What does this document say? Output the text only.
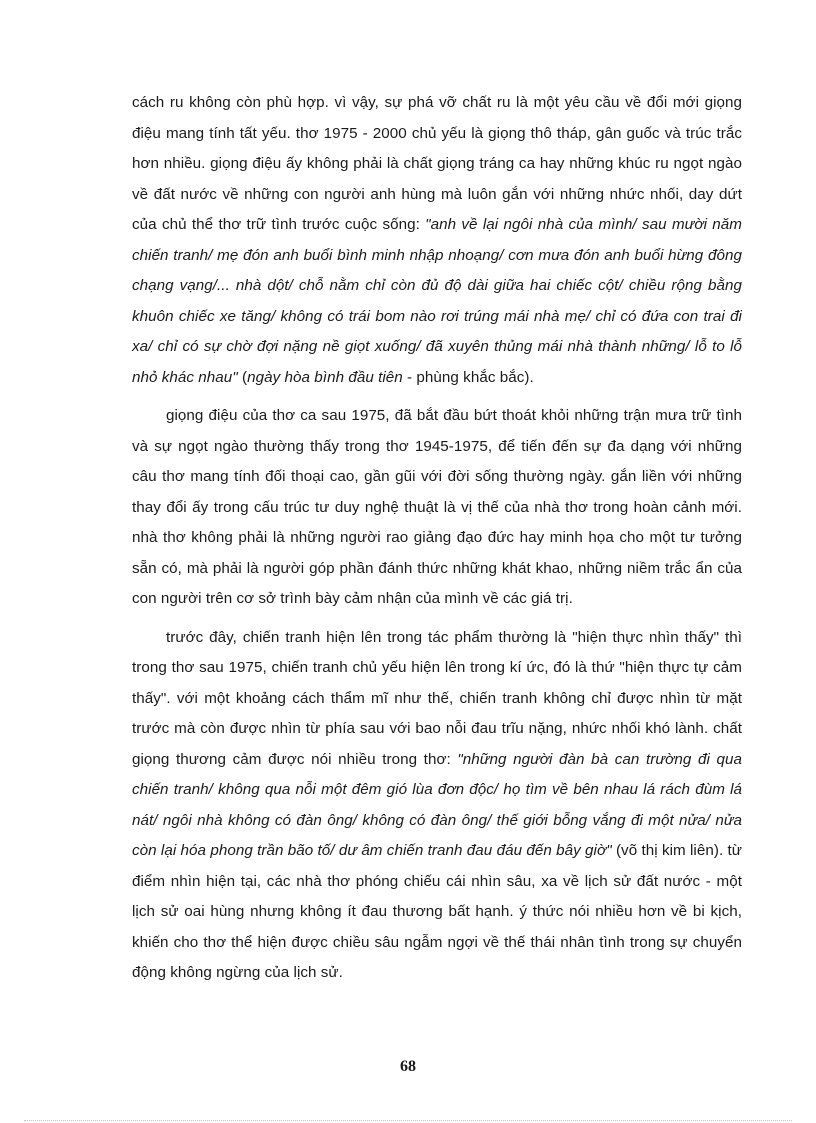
cách ru không còn phù hợp. vì vậy, sự phá vỡ chất ru là một yêu cầu về đổi mới giọng điệu mang tính tất yếu. thơ 1975 - 2000 chủ yếu là giọng thô tháp, gân guốc và trúc trắc hơn nhiều. giọng điệu ấy không phải là chất giọng tráng ca hay những khúc ru ngọt ngào về đất nước về những con người anh hùng mà luôn gắn với những nhức nhối, day dứt của chủ thể thơ trữ tình trước cuộc sống: "anh về lại ngôi nhà của mình/ sau mười năm chiến tranh/ mẹ đón anh buổi bình minh nhập nhoạng/ cơn mưa đón anh buổi hừng đông chạng vạng/... nhà dột/ chỗ nằm chỉ còn đủ độ dài giữa hai chiếc cột/ chiều rộng bằng khuôn chiếc xe tăng/ không có trái bom nào rơi trúng mái nhà mẹ/ chỉ có đứa con trai đi xa/ chỉ có sự chờ đợi nặng nề giọt xuống/ đã xuyên thủng mái nhà thành những/ lỗ to lỗ nhỏ khác nhau" (ngày hòa bình đầu tiên - phùng khắc bắc).

giọng điệu của thơ ca sau 1975, đã bắt đầu bứt thoát khỏi những trận mưa trữ tình và sự ngọt ngào thường thấy trong thơ 1945-1975, để tiến đến sự đa dạng với những câu thơ mang tính đối thoại cao, gần gũi với đời sống thường ngày. gắn liền với những thay đổi ấy trong cấu trúc tư duy nghệ thuật là vị thế của nhà thơ trong hoàn cảnh mới. nhà thơ không phải là những người rao giảng đạo đức hay minh họa cho một tư tưởng sẵn có, mà phải là người góp phần đánh thức những khát khao, những niềm trắc ẩn của con người trên cơ sở trình bày cảm nhận của mình về các giá trị.

trước đây, chiến tranh hiện lên trong tác phẩm thường là "hiện thực nhìn thấy" thì trong thơ sau 1975, chiến tranh chủ yếu hiện lên trong kí ức, đó là thứ "hiện thực tự cảm thấy". với một khoảng cách thẩm mĩ như thế, chiến tranh không chỉ được nhìn từ mặt trước mà còn được nhìn từ phía sau với bao nỗi đau trĩu nặng, nhức nhối khó lành. chất giọng thương cảm được nói nhiều trong thơ: "những người đàn bà can trường đi qua chiến tranh/ không qua nỗi một đêm gió lùa đơn độc/ họ tìm về bên nhau lá rách đùm lá nát/ ngôi nhà không có đàn ông/ không có đàn ông/ thế giới bỗng vắng đi một nửa/ nửa còn lại hóa phong trần bão tố/ dư âm chiến tranh đau đáu đến bây giờ" (võ thị kim liên). từ điểm nhìn hiện tại, các nhà thơ phóng chiếu cái nhìn sâu, xa về lịch sử đất nước - một lịch sử oai hùng nhưng không ít đau thương bất hạnh. ý thức nói nhiều hơn về bi kịch, khiến cho thơ thể hiện được chiều sâu ngẫm ngợi về thế thái nhân tình trong sự chuyển động không ngừng của lịch sử.

68
